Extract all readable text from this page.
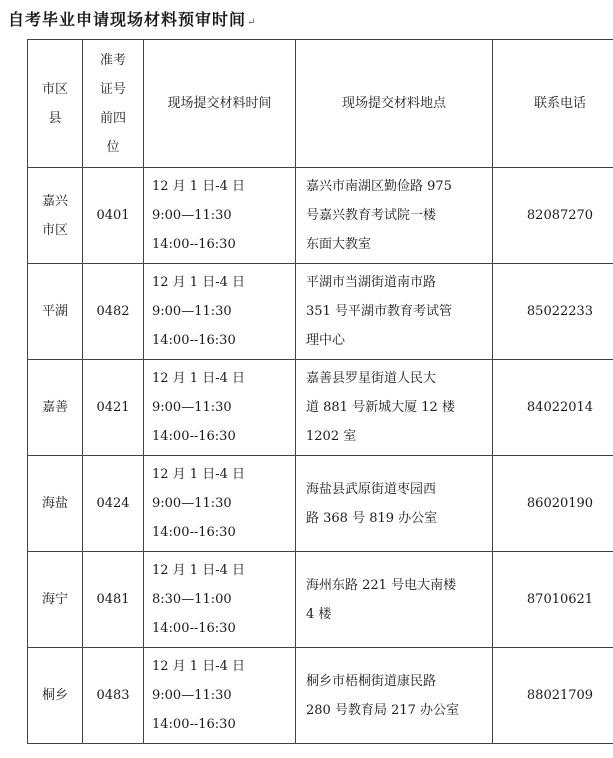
自考毕业申请现场材料预审时间↵
市区县	准考证号前四位	现场提交材料时间	现场提交材料地点	联系电话

嘉兴市区	0401	12 月 1 日-4 日
9:00—11:30
14:00--16:30	嘉兴市南湖区勤俭路 975
号嘉兴教育考试院一楼
东面大教室	82087270

平湖	0482	12 月 1 日-4 日
9:00—11:30
14:00--16:30	平湖市当湖街道南市路
351 号平湖市教育考试管
理中心	85022233

嘉善	0421	12 月 1 日-4 日
9:00—11:30
14:00--16:30	嘉善县罗星街道人民大
道 881 号新城大厦 12 楼
1202 室	84022014

海盐	0424	12 月 1 日-4 日
9:00—11:30
14:00--16:30	海盐县武原街道枣园西
路 368 号 819 办公室	86020190

海宁	0481	12 月 1 日-4 日
8:30—11:00
14:00--16:30	海州东路 221 号电大南楼
4 楼	87010621

桐乡	0483	12 月 1 日-4 日
9:00—11:30
14:00--16:30	桐乡市梧桐街道康民路
280 号教育局 217 办公室	88021709
